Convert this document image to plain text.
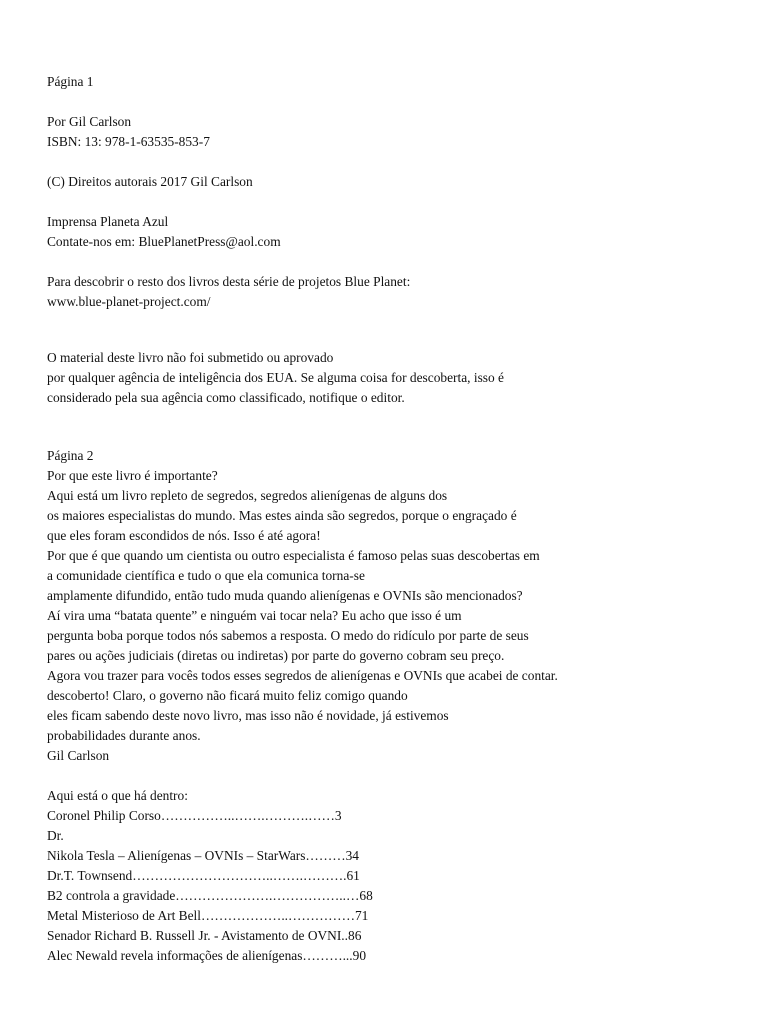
Página 1
Por Gil Carlson
ISBN: 13: 978-1-63535-853-7
(C) Direitos autorais 2017 Gil Carlson
Imprensa Planeta Azul
Contate-nos em: BluePlanetPress@aol.com
Para descobrir o resto dos livros desta série de projetos Blue Planet:
www.blue-planet-project.com/
O material deste livro não foi submetido ou aprovado
por qualquer agência de inteligência dos EUA. Se alguma coisa for descoberta, isso é
considerado pela sua agência como classificado, notifique o editor.
Página 2
Por que este livro é importante?
Aqui está um livro repleto de segredos, segredos alienígenas de alguns dos
os maiores especialistas do mundo. Mas estes ainda são segredos, porque o engraçado é
que eles foram escondidos de nós. Isso é até agora!
Por que é que quando um cientista ou outro especialista é famoso pelas suas descobertas em
a comunidade científica e tudo o que ela comunica torna-se
amplamente difundido, então tudo muda quando alienígenas e OVNIs são mencionados?
Aí vira uma “batata quente” e ninguém vai tocar nela? Eu acho que isso é um
pergunta boba porque todos nós sabemos a resposta. O medo do ridículo por parte de seus
pares ou ações judiciais (diretas ou indiretas) por parte do governo cobram seu preço.
Agora vou trazer para vocês todos esses segredos de alienígenas e OVNIs que acabei de contar.
descoberto! Claro, o governo não ficará muito feliz comigo quando
eles ficam sabendo deste novo livro, mas isso não é novidade, já estivemos
probabilidades durante anos.
Gil Carlson
Aqui está o que há dentro:
Coronel Philip Corso……………..…….……….……3
Dr.
Nikola Tesla – Alienígenas – OVNIs – StarWars………34
Dr.T. Townsend…………………………..…….……….61
B2 controla a gravidade………………….……………..…68
Metal Misterioso de Art Bell………………..……………71
Senador Richard B. Russell Jr. - Avistamento de OVNI..86
Alec Newald revela informações de alienígenas………...90
